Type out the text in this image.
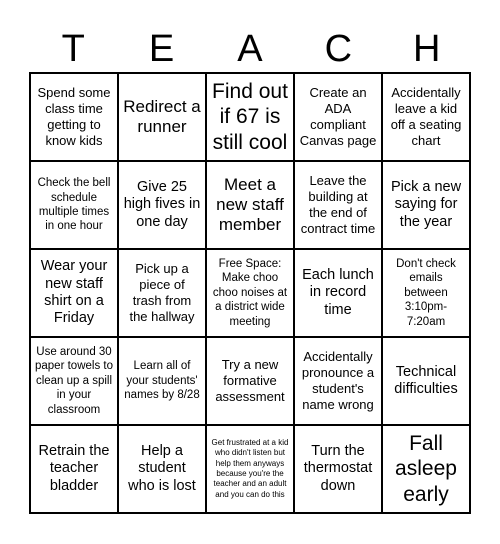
T	E	A	C	H
Spend some class time getting to know kids
Redirect a runner
Find out if 67 is still cool
Create an ADA compliant Canvas page
Accidentally leave a kid off a seating chart
Check the bell schedule multiple times in one hour
Give 25 high fives in one day
Meet a new staff member
Leave the building at the end of contract time
Pick a new saying for the year
Wear your new staff shirt on a Friday
Pick up a piece of trash from the hallway
Free Space: Make choo choo noises at a district wide meeting
Each lunch in record time
Don't check emails between 3:10pm-7:20am
Use around 30 paper towels to clean up a spill in your classroom
Learn all of your students' names by 8/28
Try a new formative assessment
Accidentally pronounce a student's name wrong
Technical difficulties
Retrain the teacher bladder
Help a student who is lost
Get frustrated at a kid who didn't listen but help them anyways because you're the teacher and an adult and you can do this
Turn the thermostat down
Fall asleep early
